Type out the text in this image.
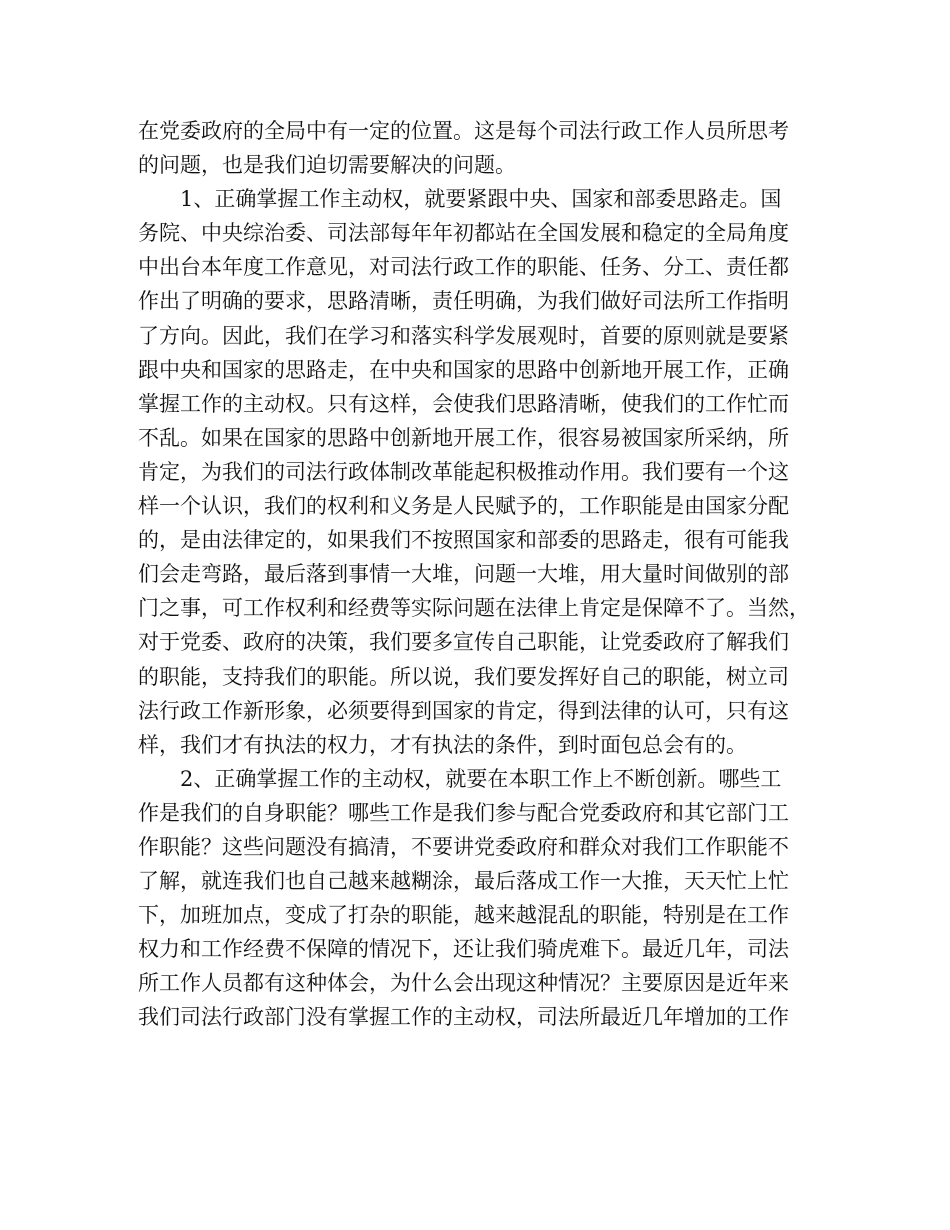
在党委政府的全局中有一定的位置。这是每个司法行政工作人员所思考
的问题，也是我们迫切需要解决的问题。
1、正确掌握工作主动权，就要紧跟中央、国家和部委思路走。国
务院、中央综治委、司法部每年年初都站在全国发展和稳定的全局角度
中出台本年度工作意见，对司法行政工作的职能、任务、分工、责任都
作出了明确的要求，思路清晰，责任明确，为我们做好司法所工作指明
了方向。因此，我们在学习和落实科学发展观时，首要的原则就是要紧
跟中央和国家的思路走，在中央和国家的思路中创新地开展工作，正确
掌握工作的主动权。只有这样，会使我们思路清晰，使我们的工作忙而
不乱。如果在国家的思路中创新地开展工作，很容易被国家所采纳，所
肯定，为我们的司法行政体制改革能起积极推动作用。我们要有一个这
样一个认识，我们的权利和义务是人民赋予的，工作职能是由国家分配
的，是由法律定的，如果我们不按照国家和部委的思路走，很有可能我
们会走弯路，最后落到事情一大堆，问题一大堆，用大量时间做别的部
门之事，可工作权利和经费等实际问题在法律上肯定是保障不了。当然，
对于党委、政府的决策，我们要多宣传自己职能，让党委政府了解我们
的职能，支持我们的职能。所以说，我们要发挥好自己的职能，树立司
法行政工作新形象，必须要得到国家的肯定，得到法律的认可，只有这
样，我们才有执法的权力，才有执法的条件，到时面包总会有的。
2、正确掌握工作的主动权，就要在本职工作上不断创新。哪些工
作是我们的自身职能？哪些工作是我们参与配合党委政府和其它部门工
作职能？这些问题没有搞清，不要讲党委政府和群众对我们工作职能不
了解，就连我们也自己越来越糊涂，最后落成工作一大推，天天忙上忙
下，加班加点，变成了打杂的职能，越来越混乱的职能，特别是在工作
权力和工作经费不保障的情况下，还让我们骑虎难下。最近几年，司法
所工作人员都有这种体会，为什么会出现这种情况？主要原因是近年来
我们司法行政部门没有掌握工作的主动权，司法所最近几年增加的工作
